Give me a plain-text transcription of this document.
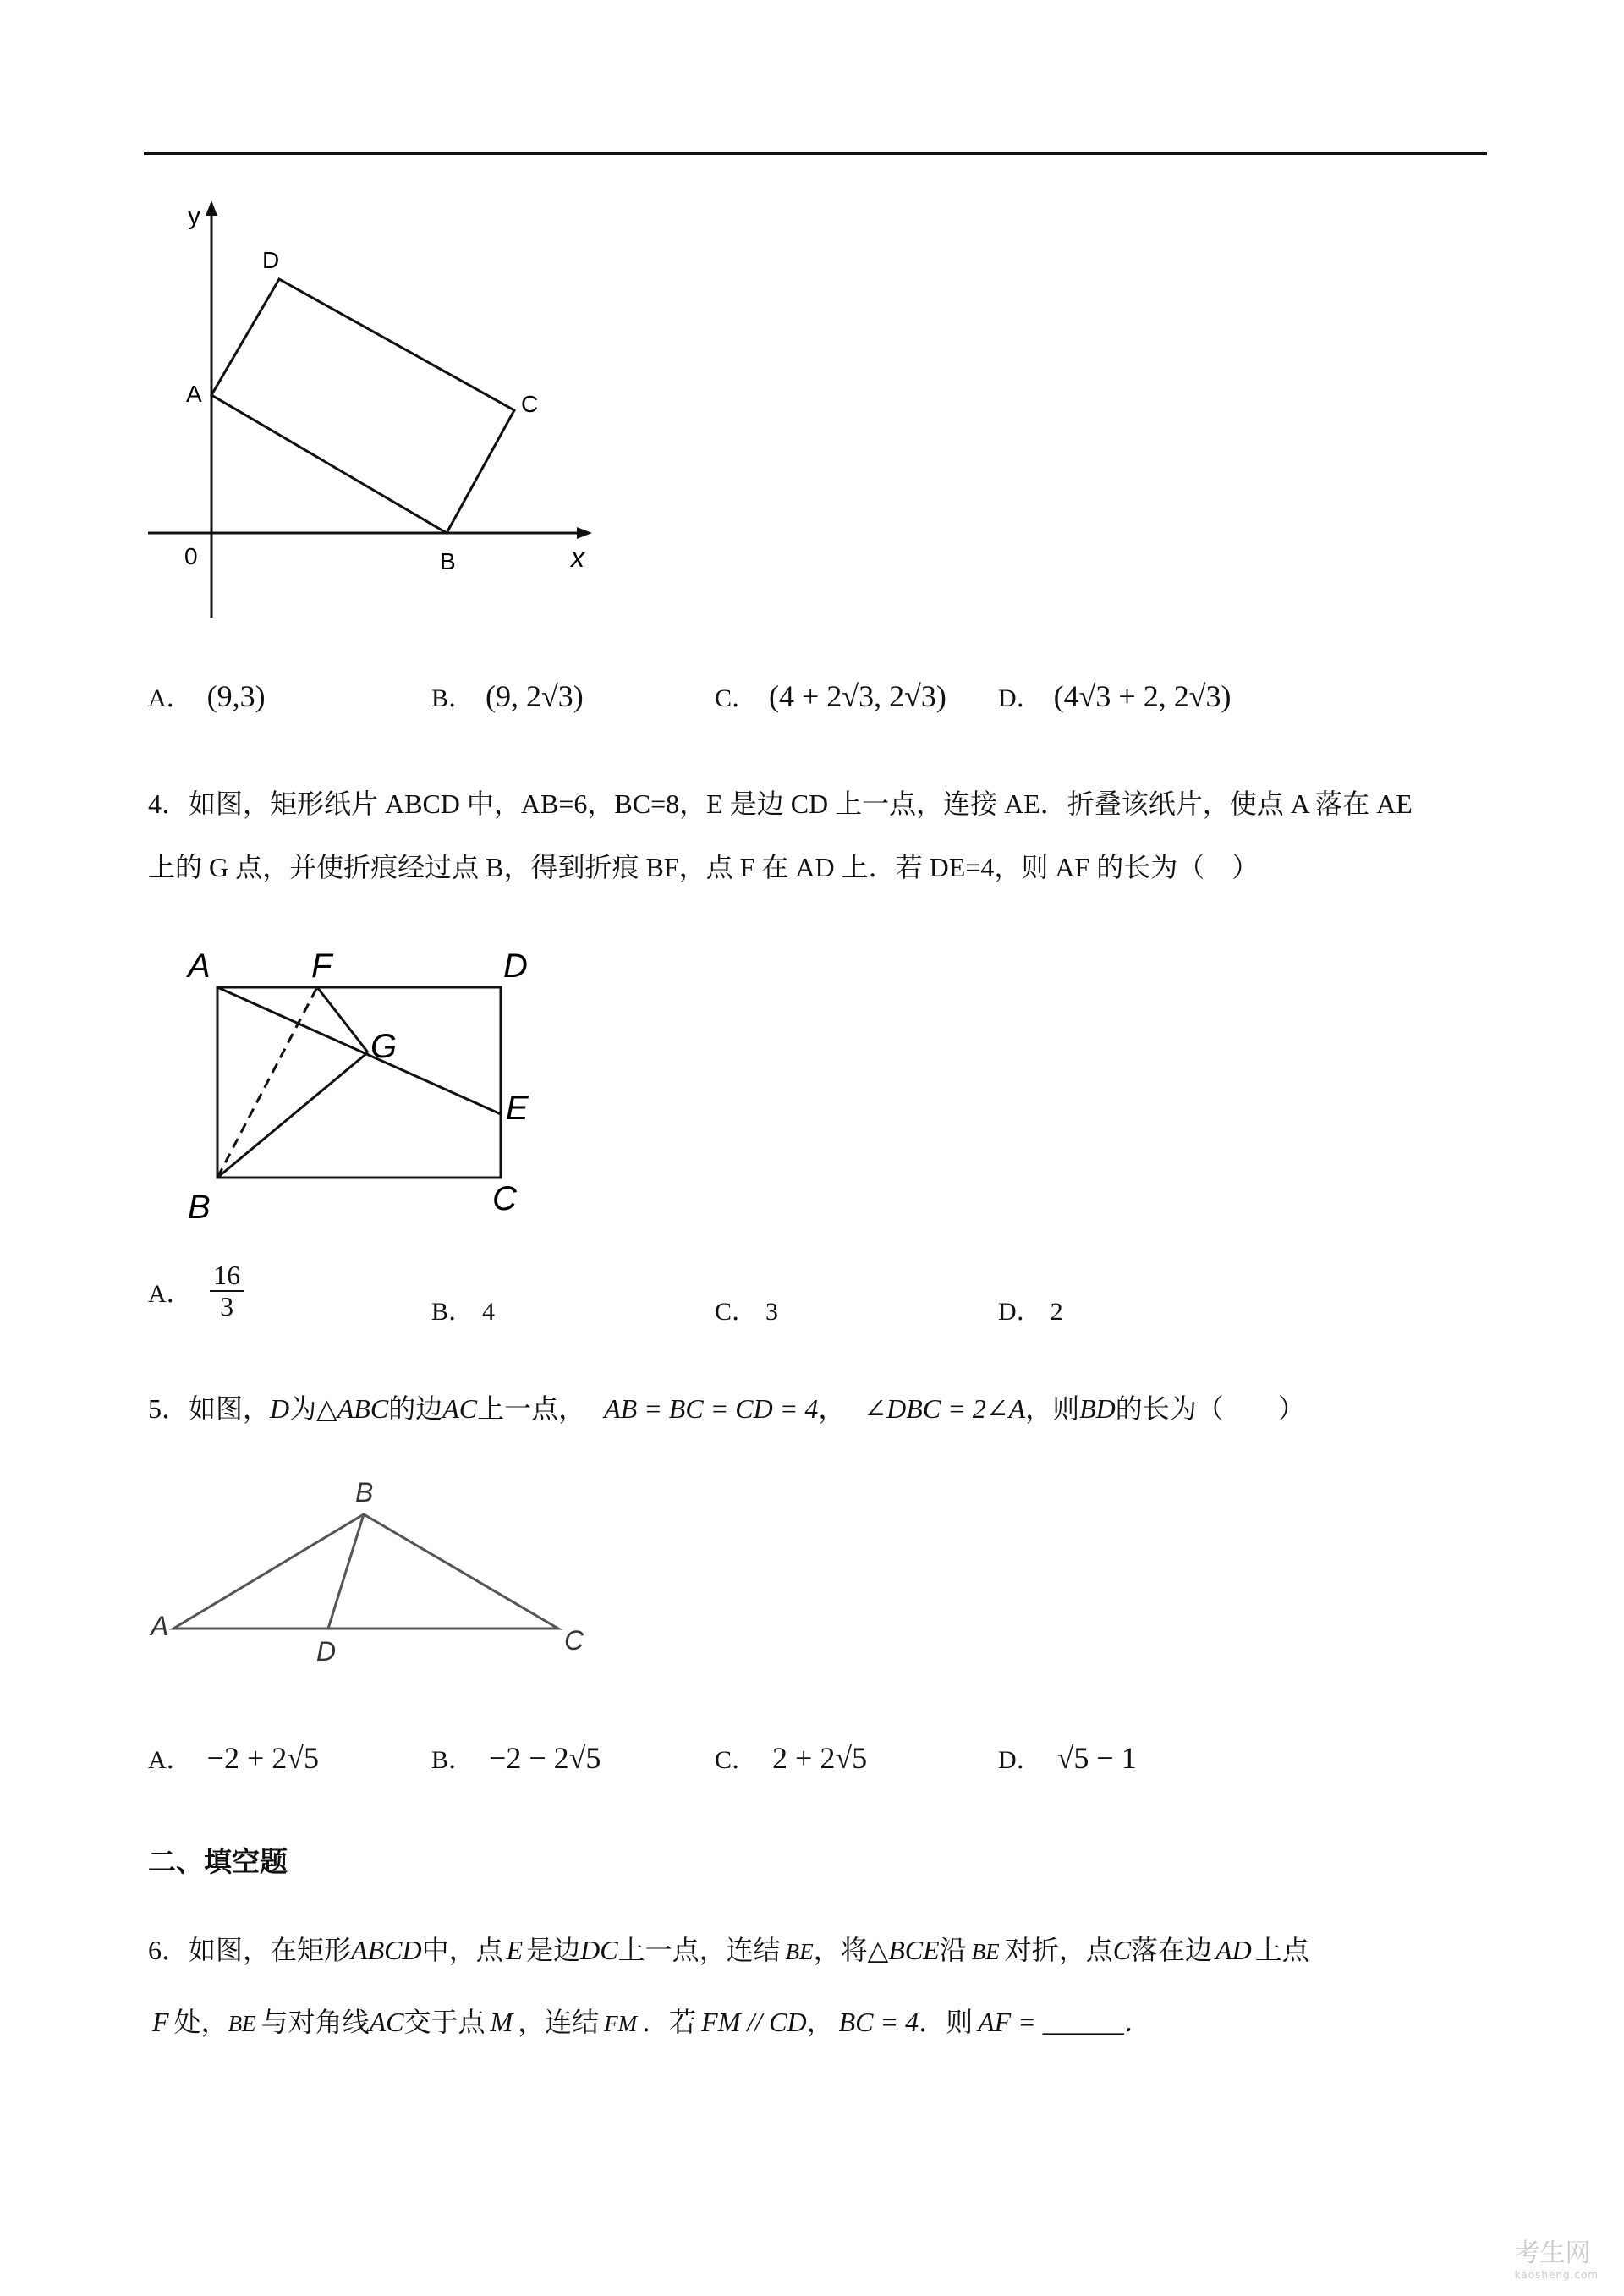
y
x
0
A
B
C
D
A． (9,3)	B． (9, 2√3)	C． (4 + 2√3, 2√3) D． (4√3 + 2, 2√3)
4．如图，矩形纸片 ABCD 中，AB=6，BC=8，E 是边 CD 上一点，连接 AE．折叠该纸片，使点 A 落在 AE
上的 G 点，并使折痕经过点 B，得到折痕 BF，点 F 在 AD 上．若 DE=4，则 AF 的长为（　）
A	F	D
G
E
B	C
A． $\frac{16}{3}$	B． 4	C． 3	D． 2
5．如图，D为△ABC的边AC上一点， AB = BC = CD = 4， ∠DBC = 2∠A，则BD的长为（　　）
A
B
C
D
A． −2 + 2√5	B． −2 − 2√5	C． 2 + 2√5	D． √5 − 1
二、填空题
6．如图，在矩形ABCD中，点 E 是边DC上一点，连结 BE，将△BCE沿 BE 对折，点C落在边 AD 上点
F 处，BE 与对角线AC交于点 M ，连结 FM ．若 FM // CD， BC = 4．则 AF = ______．
考生网
kaosheng.com
